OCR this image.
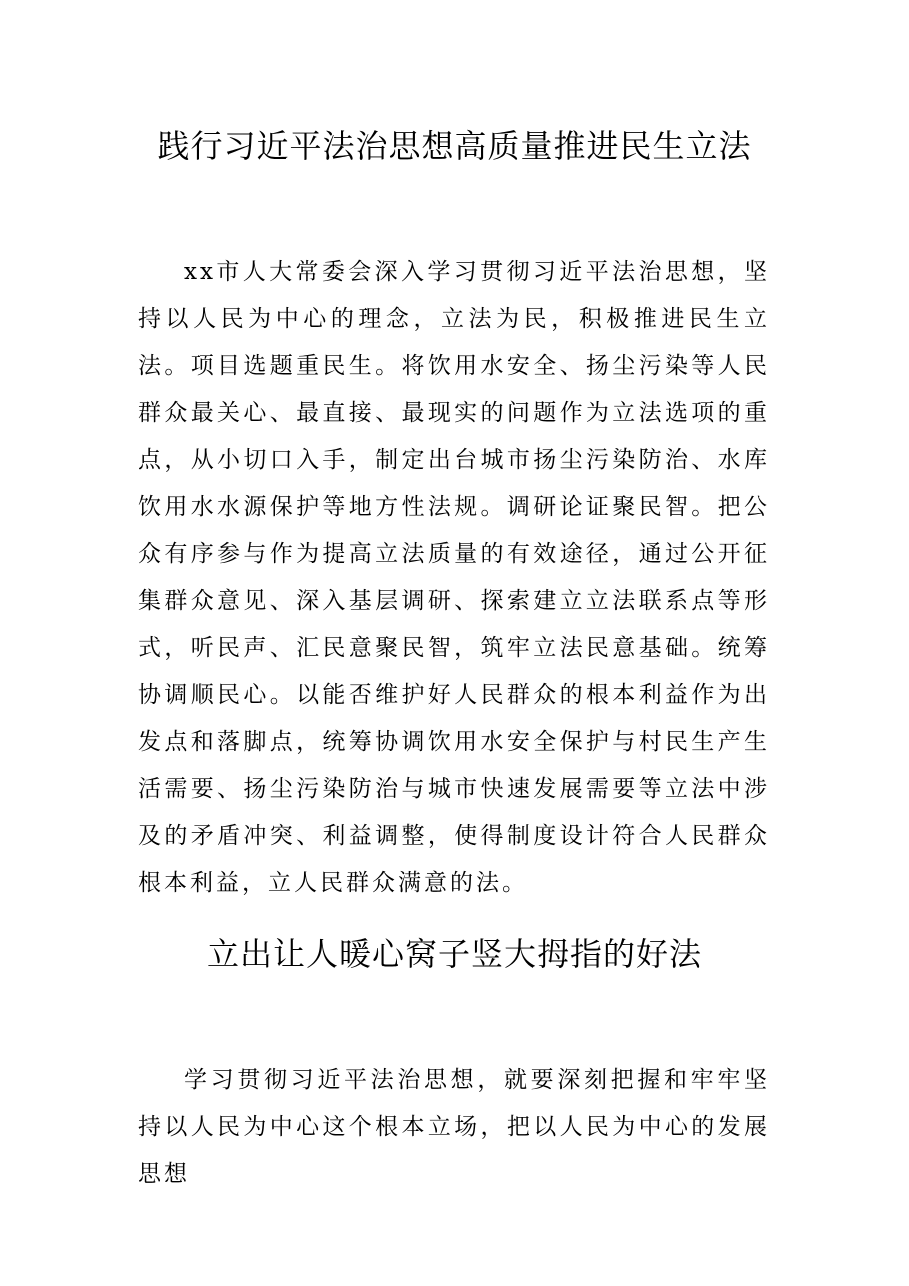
践行习近平法治思想高质量推进民生立法

xx市人大常委会深入学习贯彻习近平法治思想，坚持以人民为中心的理念，立法为民，积极推进民生立法。项目选题重民生。将饮用水安全、扬尘污染等人民群众最关心、最直接、最现实的问题作为立法选项的重点，从小切口入手，制定出台城市扬尘污染防治、水库饮用水水源保护等地方性法规。调研论证聚民智。把公众有序参与作为提高立法质量的有效途径，通过公开征集群众意见、深入基层调研、探索建立立法联系点等形式，听民声、汇民意聚民智，筑牢立法民意基础。统筹协调顺民心。以能否维护好人民群众的根本利益作为出发点和落脚点，统筹协调饮用水安全保护与村民生产生活需要、扬尘污染防治与城市快速发展需要等立法中涉及的矛盾冲突、利益调整，使得制度设计符合人民群众根本利益，立人民群众满意的法。

立出让人暖心窝子竖大拇指的好法

学习贯彻习近平法治思想，就要深刻把握和牢牢坚持以人民为中心这个根本立场，把以人民为中心的发展思想
